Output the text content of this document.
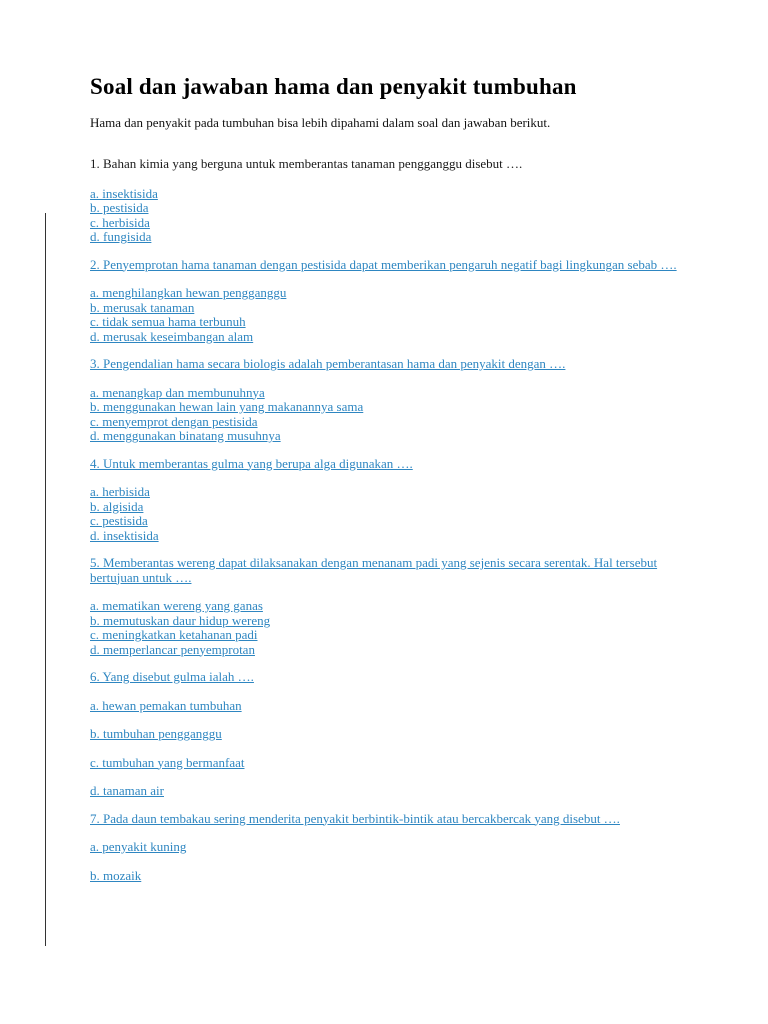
Soal dan jawaban hama dan penyakit tumbuhan

Hama dan penyakit pada tumbuhan bisa lebih dipahami dalam soal dan jawaban berikut.

1. Bahan kimia yang berguna untuk memberantas tanaman pengganggu disebut ….
a. insektisida
b. pestisida
c. herbisida
d. fungisida
2. Penyemprotan hama tanaman dengan pestisida dapat memberikan pengaruh negatif bagi lingkungan sebab ….
a. menghilangkan hewan pengganggu
b. merusak tanaman
c. tidak semua hama terbunuh
d. merusak keseimbangan alam
3. Pengendalian hama secara biologis adalah pemberantasan hama dan penyakit dengan ….
a. menangkap dan membunuhnya
b. menggunakan hewan lain yang makanannya sama
c. menyemprot dengan pestisida
d. menggunakan binatang musuhnya
4. Untuk memberantas gulma yang berupa alga digunakan ….
a. herbisida
b. algisida
c. pestisida
d. insektisida
5. Memberantas wereng dapat dilaksanakan dengan menanam padi yang sejenis secara serentak. Hal tersebut bertujuan untuk ….
a. mematikan wereng yang ganas
b. memutuskan daur hidup wereng
c. meningkatkan ketahanan padi
d. memperlancar penyemprotan
6. Yang disebut gulma ialah ….
a. hewan pemakan tumbuhan
b. tumbuhan pengganggu
c. tumbuhan yang bermanfaat
d. tanaman air
7. Pada daun tembakau sering menderita penyakit berbintik-bintik atau bercakbercak yang disebut ….
a. penyakit kuning
b. mozaik
